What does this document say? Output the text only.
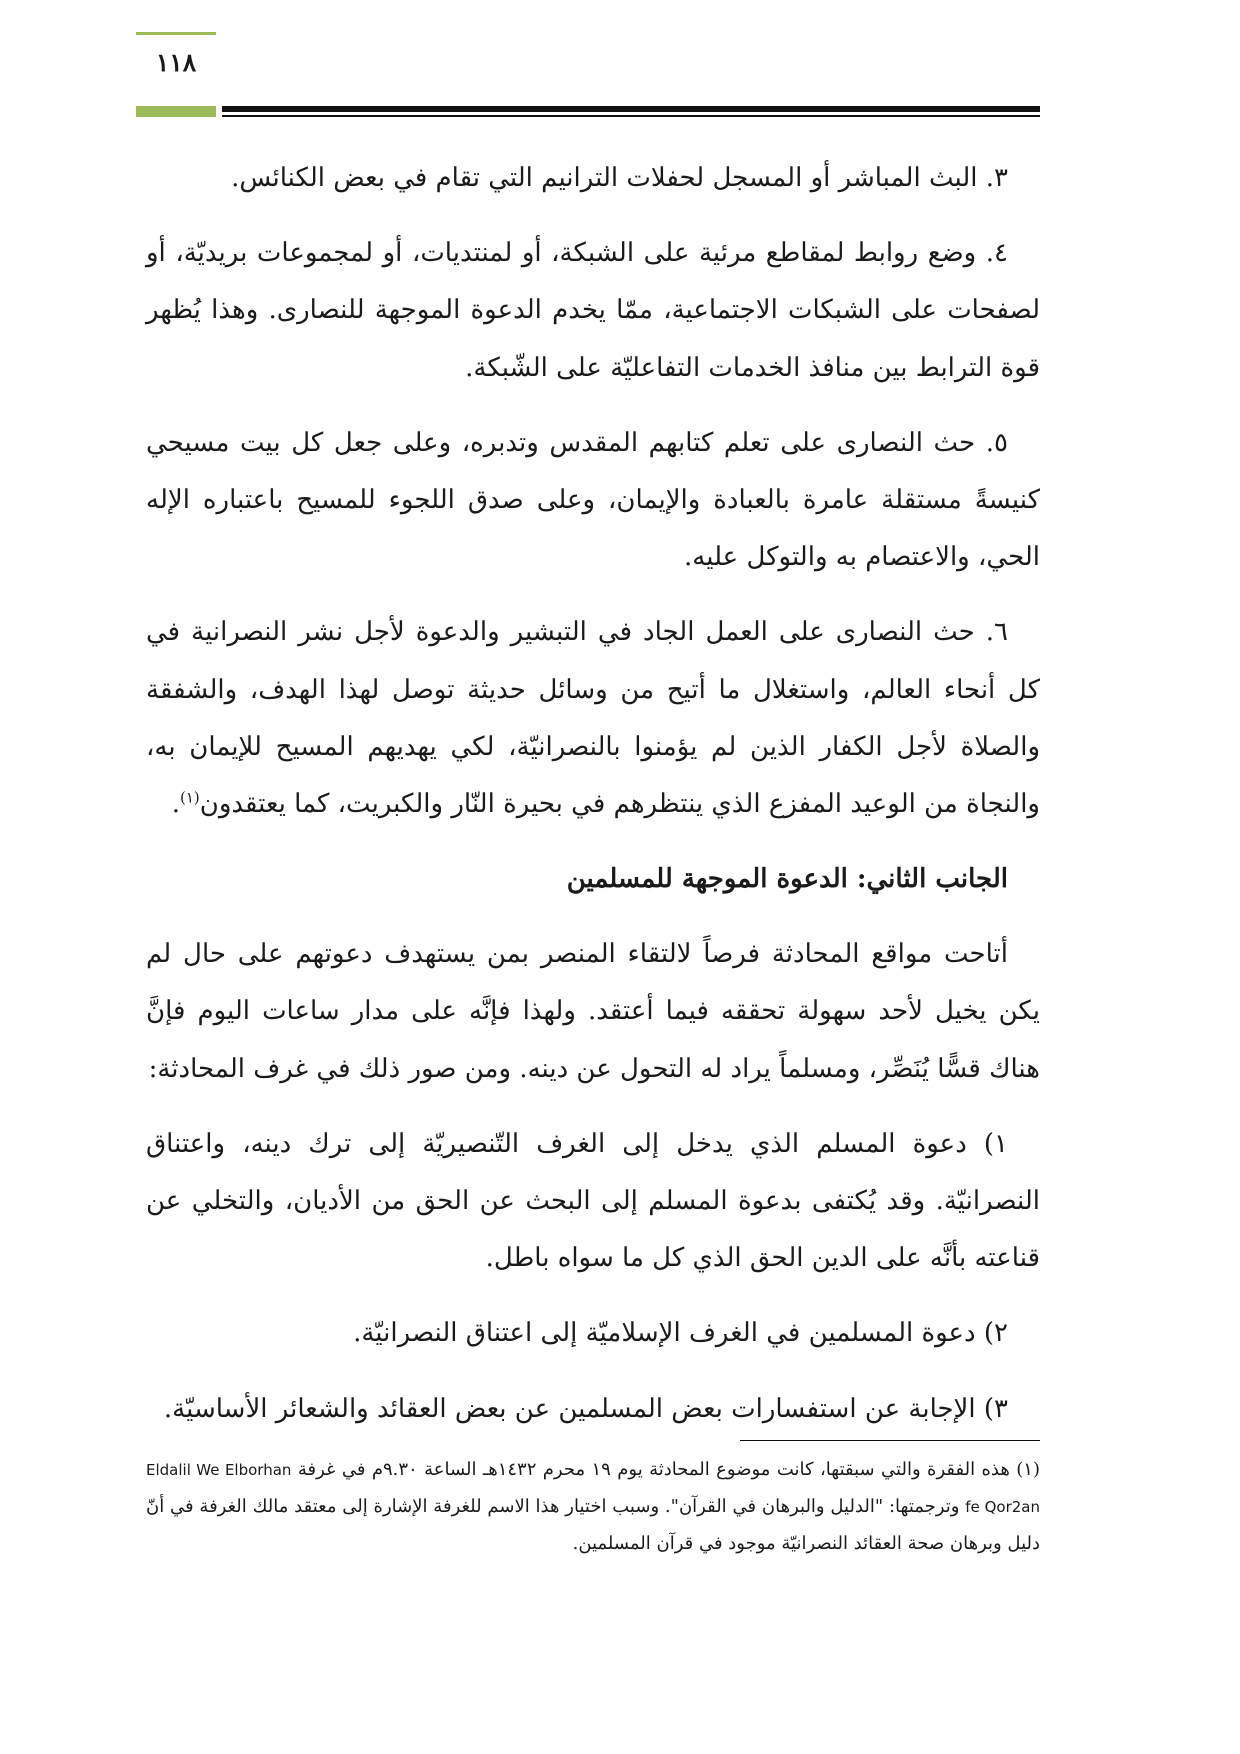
١١٨

٣. البث المباشر أو المسجل لحفلات الترانيم التي تقام في بعض الكنائس.

٤. وضع روابط لمقاطع مرئية على الشبكة، أو لمنتديات، أو لمجموعات بريديّة، أو لصفحات على الشبكات الاجتماعية، ممّا يخدم الدعوة الموجهة للنصارى. وهذا يُظهر قوة الترابط بين منافذ الخدمات التفاعليّة على الشّبكة.

٥. حث النصارى على تعلم كتابهم المقدس وتدبره، وعلى جعل كل بيت مسيحي كنيسةً مستقلة عامرة بالعبادة والإيمان، وعلى صدق اللجوء للمسيح باعتباره الإله الحي، والاعتصام به والتوكل عليه.

٦. حث النصارى على العمل الجاد في التبشير والدعوة لأجل نشر النصرانية في كل أنحاء العالم، واستغلال ما أتيح من وسائل حديثة توصل لهذا الهدف، والشفقة والصلاة لأجل الكفار الذين لم يؤمنوا بالنصرانيّة، لكي يهديهم المسيح للإيمان به، والنجاة من الوعيد المفزع الذي ينتظرهم في بحيرة النّار والكبريت، كما يعتقدون$^{(١)}$.

الجانب الثاني: الدعوة الموجهة للمسلمين

أتاحت مواقع المحادثة فرصاً لالتقاء المنصر بمن يستهدف دعوتهم على حال لم يكن يخيل لأحد سهولة تحققه فيما أعتقد. ولهذا فإنَّه على مدار ساعات اليوم فإنَّ هناك قسًّا يُنَصِّر، ومسلماً يراد له التحول عن دينه. ومن صور ذلك في غرف المحادثة:

١) دعوة المسلم الذي يدخل إلى الغرف التّنصيريّة إلى ترك دينه، واعتناق النصرانيّة. وقد يُكتفى بدعوة المسلم إلى البحث عن الحق من الأديان، والتخلي عن قناعته بأنَّه على الدين الحق الذي كل ما سواه باطل.

٢) دعوة المسلمين في الغرف الإسلاميّة إلى اعتناق النصرانيّة.

٣) الإجابة عن استفسارات بعض المسلمين عن بعض العقائد والشعائر الأساسيّة.

(١) هذه الفقرة والتي سبقتها، كانت موضوع المحادثة يوم ١٩ محرم ١٤٣٢هـ الساعة ٩.٣٠م في غرفة Eldalil We Elborhan fe Qor2an وترجمتها: "الدليل والبرهان في القرآن". وسبب اختيار هذا الاسم للغرفة الإشارة إلى معتقد مالك الغرفة في أنّ دليل وبرهان صحة العقائد النصرانيّة موجود في قرآن المسلمين.
